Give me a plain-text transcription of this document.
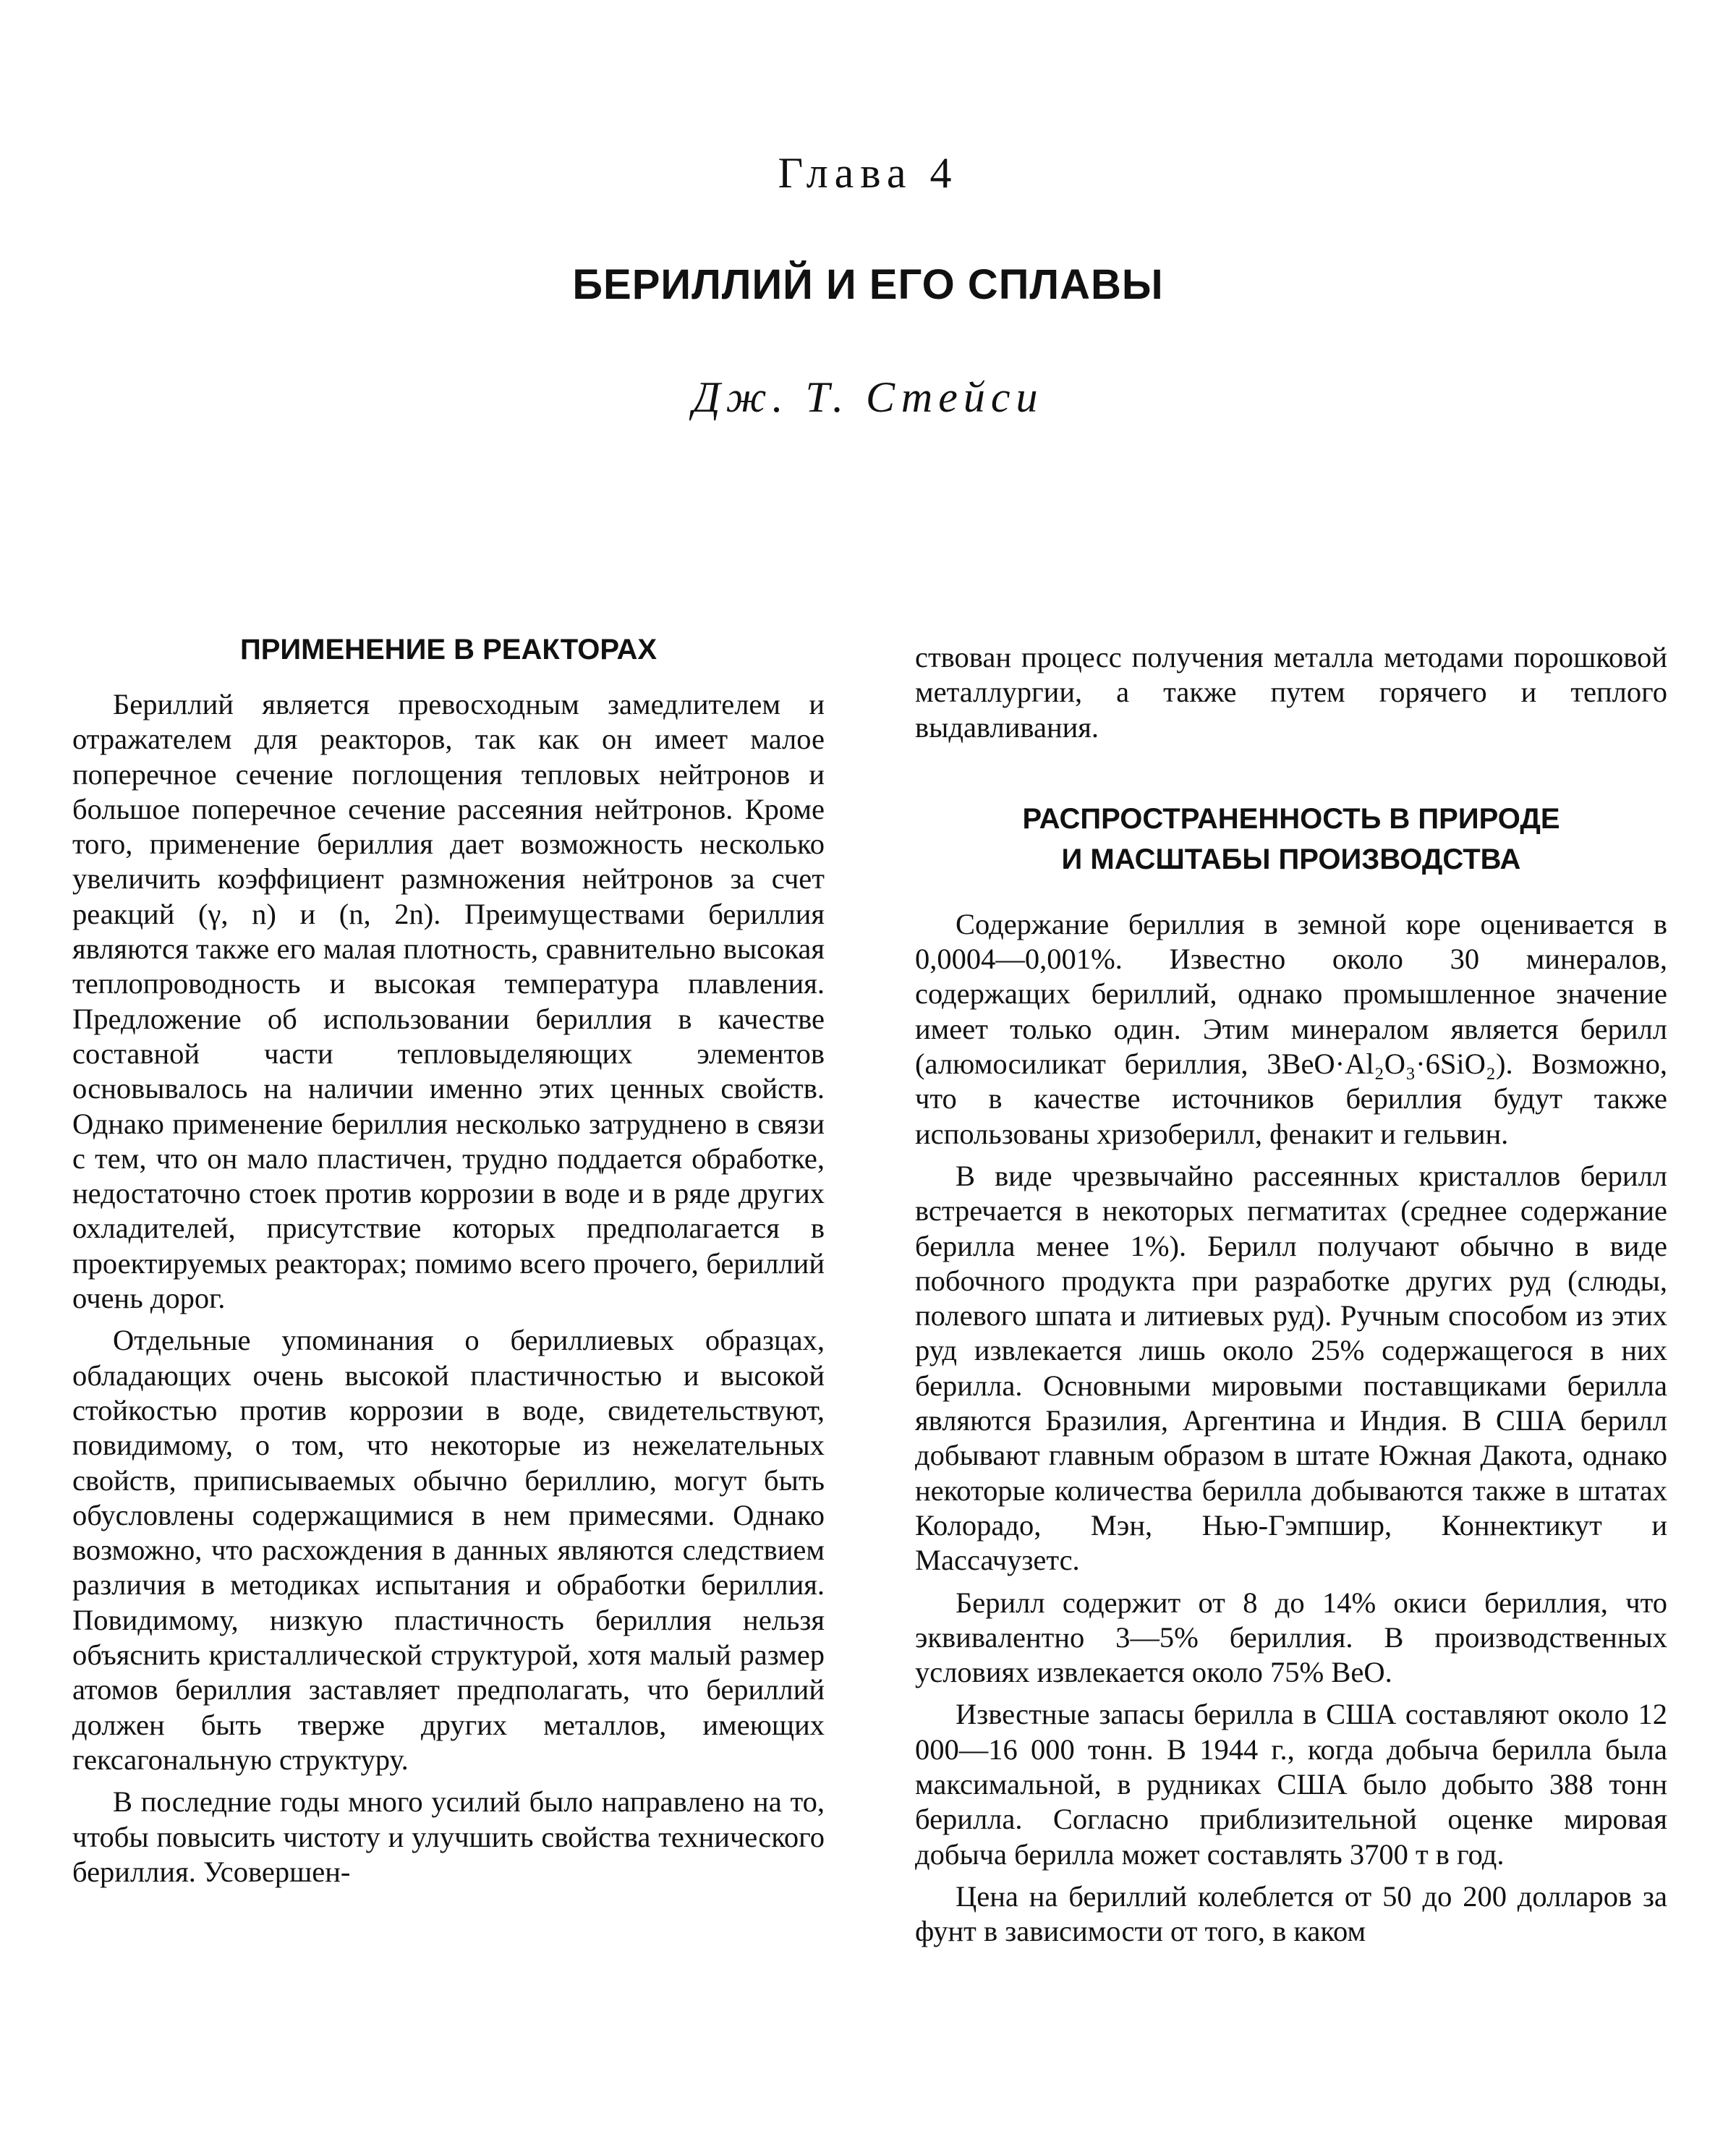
Глава 4
БЕРИЛЛИЙ И ЕГО СПЛАВЫ
Дж. Т. Стейси
ПРИМЕНЕНИЕ В РЕАКТОРАХ

Бериллий является превосходным замедлителем и отражателем для реакторов, так как он имеет малое поперечное сечение поглощения тепловых нейтронов и большое поперечное сечение рассеяния нейтронов. Кроме того, применение бериллия дает возможность несколько увеличить коэффициент размножения нейтронов за счет реакций (γ, n) и (n, 2n). Преимуществами бериллия являются также его малая плотность, сравнительно высокая теплопроводность и высокая температура плавления. Предложение об использовании бериллия в качестве составной части тепловыделяющих элементов основывалось на наличии именно этих ценных свойств. Однако применение бериллия несколько затруднено в связи с тем, что он мало пластичен, трудно поддается обработке, недостаточно стоек против коррозии в воде и в ряде других охладителей, присутствие которых предполагается в проектируемых реакторах; помимо всего прочего, бериллий очень дорог.

Отдельные упоминания о бериллиевых образцах, обладающих очень высокой пластичностью и высокой стойкостью против коррозии в воде, свидетельствуют, повидимому, о том, что некоторые из нежелательных свойств, приписываемых обычно бериллию, могут быть обусловлены содержащимися в нем примесями. Однако возможно, что расхождения в данных являются следствием различия в методиках испытания и обработки бериллия. Повидимому, низкую пластичность бериллия нельзя объяснить кристаллической структурой, хотя малый размер атомов бериллия заставляет предполагать, что бериллий должен быть тверже других металлов, имеющих гексагональную структуру.

В последние годы много усилий было направлено на то, чтобы повысить чистоту и улучшить свойства технического бериллия. Усовершен-

ствован процесс получения металла методами порошковой металлургии, а также путем горячего и теплого выдавливания.

РАСПРОСТРАНЕННОСТЬ В ПРИРОДЕ
И МАСШТАБЫ ПРОИЗВОДСТВА

Содержание бериллия в земной коре оценивается в 0,0004—0,001%. Известно около 30 минералов, содержащих бериллий, однако промышленное значение имеет только один. Этим минералом является берилл (алюмосиликат бериллия, 3BeO·Al₂O₃·6SiO₂). Возможно, что в качестве источников бериллия будут также использованы хризоберилл, фенакит и гельвин.

В виде чрезвычайно рассеянных кристаллов берилл встречается в некоторых пегматитах (среднее содержание берилла менее 1%). Берилл получают обычно в виде побочного продукта при разработке других руд (слюды, полевого шпата и литиевых руд). Ручным способом из этих руд извлекается лишь около 25% содержащегося в них берилла. Основными мировыми поставщиками берилла являются Бразилия, Аргентина и Индия. В США берилл добывают главным образом в штате Южная Дакота, однако некоторые количества берилла добываются также в штатах Колорадо, Мэн, Нью-Гэмпшир, Коннектикут и Массачузетс.

Берилл содержит от 8 до 14% окиси бериллия, что эквивалентно 3—5% бериллия. В производственных условиях извлекается около 75% BeO.

Известные запасы берилла в США составляют около 12 000—16 000 тонн. В 1944 г., когда добыча берилла была максимальной, в рудниках США было добыто 388 тонн берилла. Согласно приблизительной оценке мировая добыча берилла может составлять 3700 т в год.

Цена на бериллий колеблется от 50 до 200 долларов за фунт в зависимости от того, в каком
